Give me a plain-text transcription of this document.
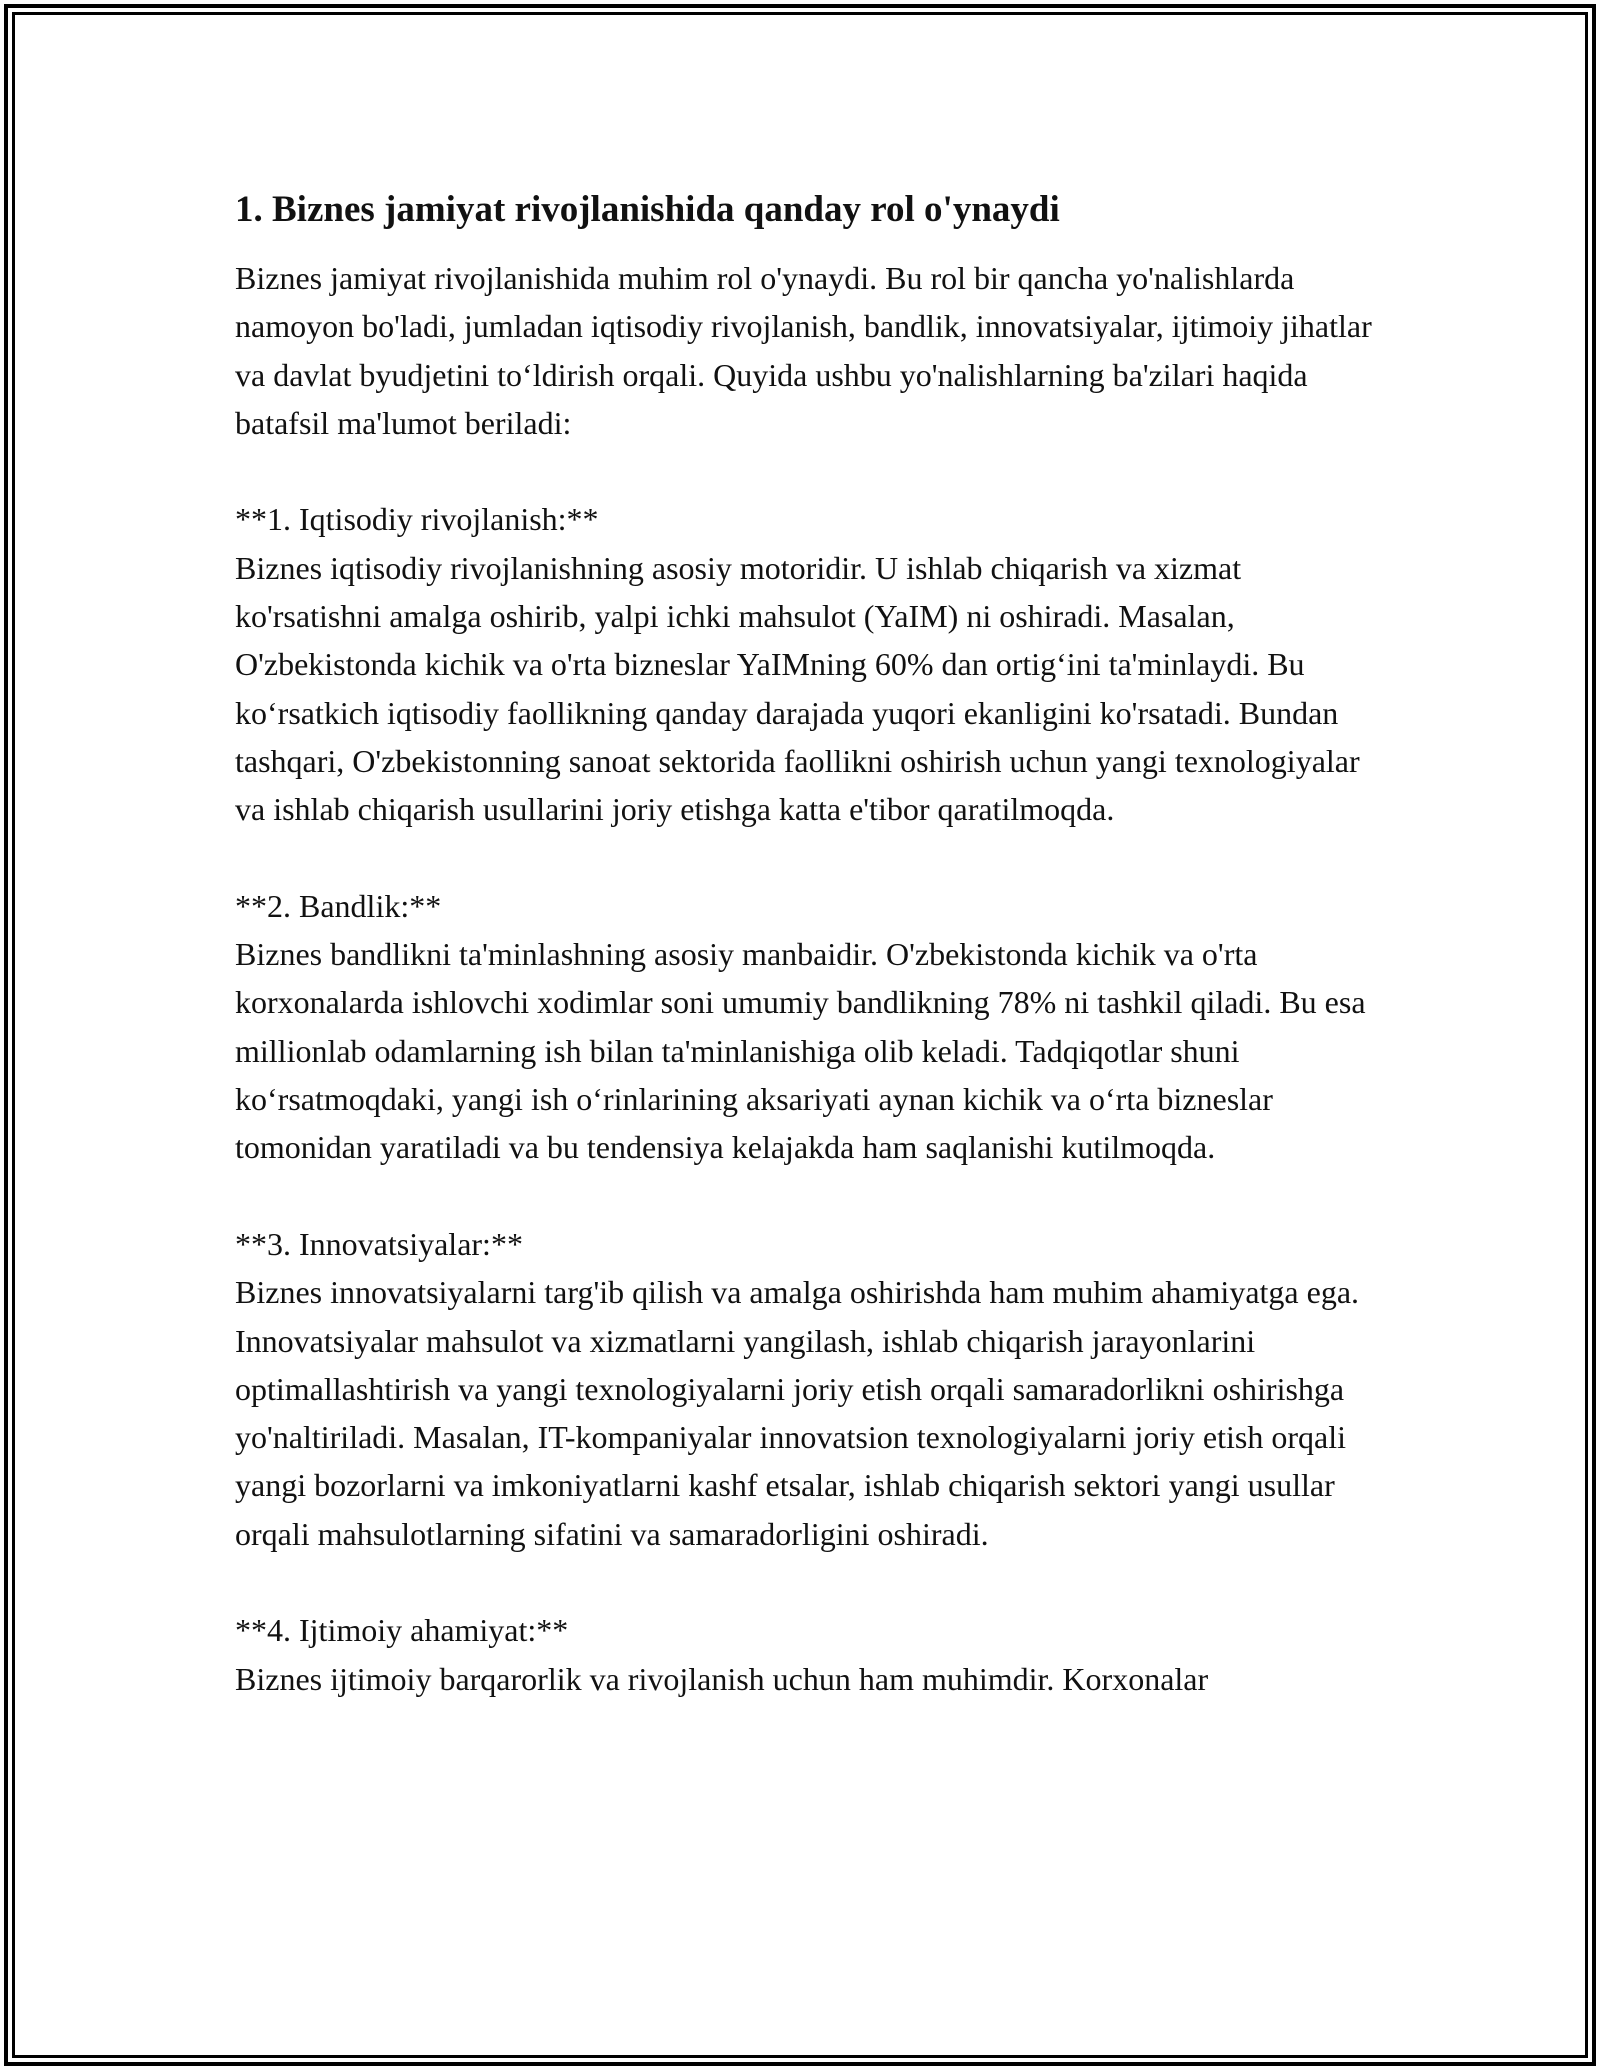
1. Biznes jamiyat rivojlanishida qanday rol o'ynaydi

Biznes jamiyat rivojlanishida muhim rol o'ynaydi. Bu rol bir qancha yo'nalishlarda namoyon bo'ladi, jumladan iqtisodiy rivojlanish, bandlik, innovatsiyalar, ijtimoiy jihatlar va davlat byudjetini to‘ldirish orqali. Quyida ushbu yo'nalishlarning ba'zilari haqida batafsil ma'lumot beriladi:

**1. Iqtisodiy rivojlanish:**
Biznes iqtisodiy rivojlanishning asosiy motoridir. U ishlab chiqarish va xizmat ko'rsatishni amalga oshirib, yalpi ichki mahsulot (YaIM) ni oshiradi. Masalan, O'zbekistonda kichik va o'rta bizneslar YaIMning 60% dan ortig‘ini ta'minlaydi. Bu ko‘rsatkich iqtisodiy faollikning qanday darajada yuqori ekanligini ko'rsatadi. Bundan tashqari, O'zbekistonning sanoat sektorida faollikni oshirish uchun yangi texnologiyalar va ishlab chiqarish usullarini joriy etishga katta e'tibor qaratilmoqda.

**2. Bandlik:**
Biznes bandlikni ta'minlashning asosiy manbaidir. O'zbekistonda kichik va o'rta korxonalarda ishlovchi xodimlar soni umumiy bandlikning 78% ni tashkil qiladi. Bu esa millionlab odamlarning ish bilan ta'minlanishiga olib keladi. Tadqiqotlar shuni ko‘rsatmoqdaki, yangi ish o‘rinlarining aksariyati aynan kichik va o‘rta bizneslar tomonidan yaratiladi va bu tendensiya kelajakda ham saqlanishi kutilmoqda.

**3. Innovatsiyalar:**
Biznes innovatsiyalarni targ'ib qilish va amalga oshirishda ham muhim ahamiyatga ega. Innovatsiyalar mahsulot va xizmatlarni yangilash, ishlab chiqarish jarayonlarini optimallashtirish va yangi texnologiyalarni joriy etish orqali samaradorlikni oshirishga yo'naltiriladi. Masalan, IT-kompaniyalar innovatsion texnologiyalarni joriy etish orqali yangi bozorlarni va imkoniyatlarni kashf etsalar, ishlab chiqarish sektori yangi usullar orqali mahsulotlarning sifatini va samaradorligini oshiradi.

**4. Ijtimoiy ahamiyat:**
Biznes ijtimoiy barqarorlik va rivojlanish uchun ham muhimdir. Korxonalar
